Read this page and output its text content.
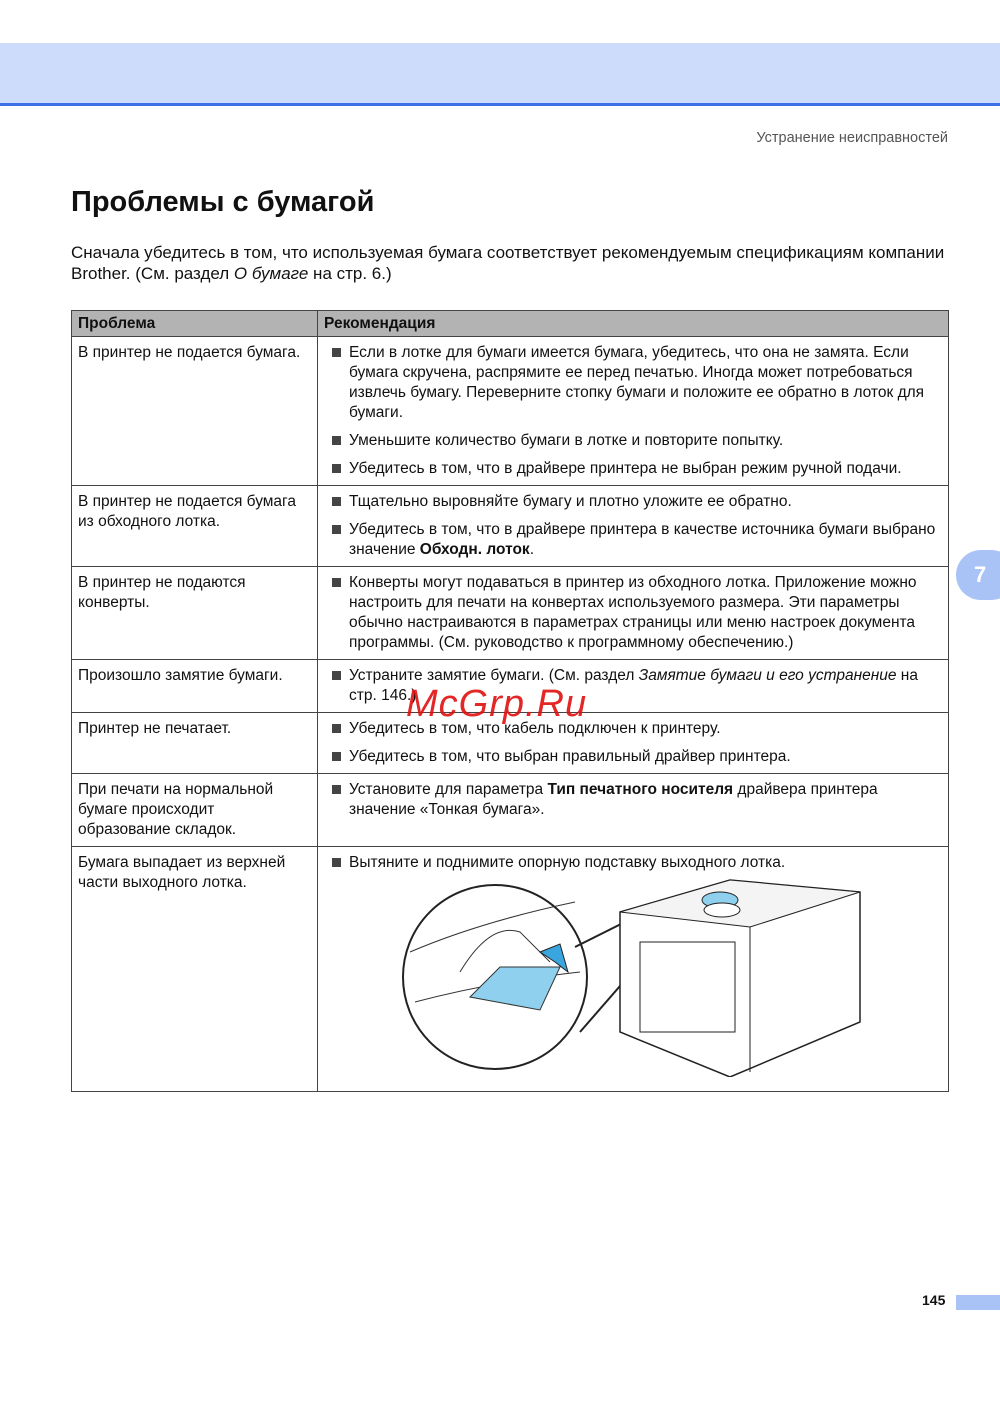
Устранение неисправностей
Проблемы с бумагой
Сначала убедитесь в том, что используемая бумага соответствует рекомендуемым спецификациям компании Brother. (См. раздел О бумаге на стр. 6.)
Проблема	Рекомендация
В принтер не подается бумага.	Если в лотке для бумаги имеется бумага, убедитесь, что она не замята. Если бумага скручена, распрямите ее перед печатью. Иногда может потребоваться извлечь бумагу. Переверните стопку бумаги и положите ее обратно в лоток для бумаги.
Уменьшите количество бумаги в лотке и повторите попытку.
Убедитесь в том, что в драйвере принтера не выбран режим ручной подачи.

В принтер не подается бумага из обходного лотка.	Тщательно выровняйте бумагу и плотно уложите ее обратно.
Убедитесь в том, что в драйвере принтера в качестве источника бумаги выбрано значение Обходн. лоток.

В принтер не подаются конверты.	Конверты могут подаваться в принтер из обходного лотка. Приложение можно настроить для печати на конвертах используемого размера. Эти параметры обычно настраиваются в параметрах страницы или меню настроек документа программы. (См. руководство к программному обеспечению.)

Произошло замятие бумаги.	Устраните замятие бумаги. (См. раздел Замятие бумаги и его устранение на стр. 146.)

Принтер не печатает.	Убедитесь в том, что кабель подключен к принтеру.
Убедитесь в том, что выбран правильный драйвер принтера.

При печати на нормальной бумаге происходит образование складок.	Установите для параметра Тип печатного носителя драйвера принтера значение «Тонкая бумага».

Бумага выпадает из верхней части выходного лотка.	Вытяните и поднимите опорную подставку выходного лотка.
McGrp.Ru
7
145
